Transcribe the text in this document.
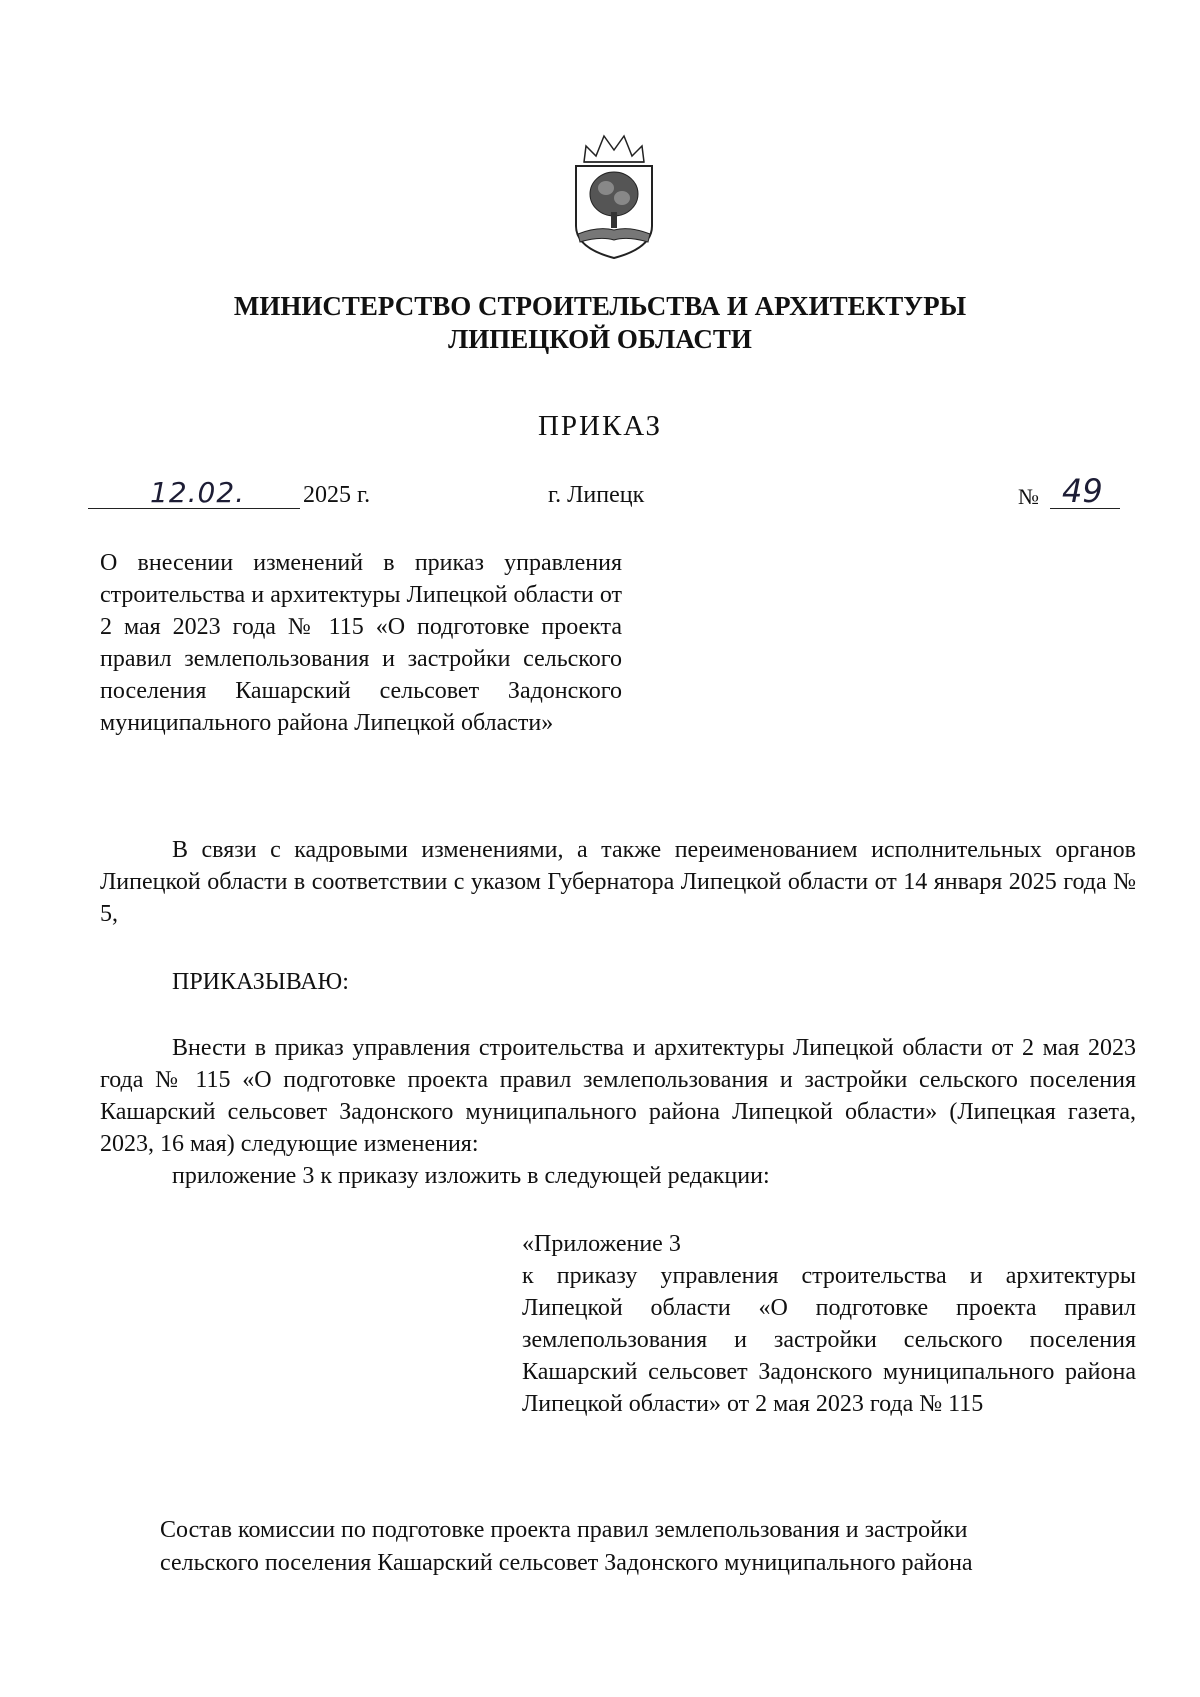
МИНИСТЕРСТВО СТРОИТЕЛЬСТВА И АРХИТЕКТУРЫ
ЛИПЕЦКОЙ ОБЛАСТИ
ПРИКАЗ
12.02. 2025 г.	г. Липецк	№ 49
О внесении изменений в приказ управления строительства и архитектуры Липецкой области от 2 мая 2023 года № 115 «О подготовке проекта правил землепользования и застройки сельского поселения Кашарский сельсовет Задонского муниципального района Липецкой области»
В связи с кадровыми изменениями, а также переименованием исполнительных органов Липецкой области в соответствии с указом Губернатора Липецкой области от 14 января 2025 года № 5,
ПРИКАЗЫВАЮ:
Внести в приказ управления строительства и архитектуры Липецкой области от 2 мая 2023 года № 115 «О подготовке проекта правил землепользования и застройки сельского поселения Кашарский сельсовет Задонского муниципального района Липецкой области» (Липецкая газета, 2023, 16 мая) следующие изменения:
приложение 3 к приказу изложить в следующей редакции:
«Приложение 3
к приказу управления строительства и архитектуры Липецкой области «О подготовке проекта правил землепользования и застройки сельского поселения Кашарский сельсовет Задонского муниципального района Липецкой области» от 2 мая 2023 года № 115
Состав комиссии по подготовке проекта правил землепользования и застройки
сельского поселения Кашарский сельсовет Задонского муниципального района
